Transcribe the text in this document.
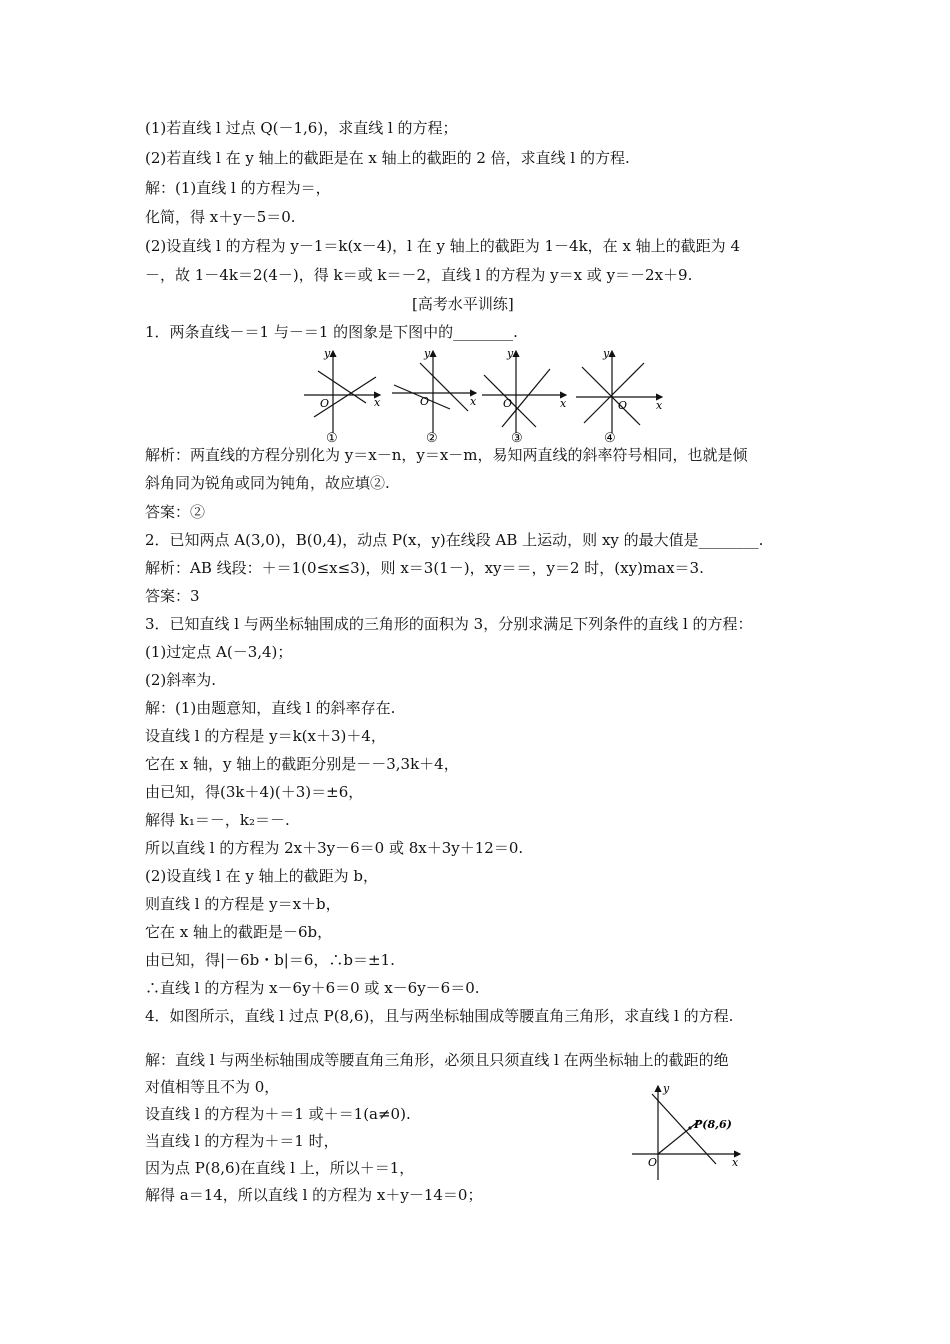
(1)若直线 l 过点 Q(－1,6)，求直线 l 的方程；
(2)若直线 l 在 y 轴上的截距是在 x 轴上的截距的 2 倍，求直线 l 的方程.
解：(1)直线 l 的方程为＝，
化简，得 x＋y－5＝0.
(2)设直线 l 的方程为 y－1＝k(x－4)，l 在 y 轴上的截距为 1－4k，在 x 轴上的截距为 4
－，故 1－4k＝2(4－)，得 k＝或 k＝－2，直线 l 的方程为 y＝x 或 y＝－2x＋9.
[高考水平训练]
1．两条直线－＝1 与－＝1 的图象是下图中的________.
y
x
O
①
y
x
O
②
y
x
O
③
y
x
O
④
解析：两直线的方程分别化为 y＝x－n，y＝x－m，易知两直线的斜率符号相同，也就是倾
斜角同为锐角或同为钝角，故应填②.
答案：②
2．已知两点 A(3,0)，B(0,4)，动点 P(x，y)在线段 AB 上运动，则 xy 的最大值是________.
解析：AB 线段：＋＝1(0≤x≤3)，则 x＝3(1－)，xy＝＝，y＝2 时，(xy)max＝3.
答案：3
3．已知直线 l 与两坐标轴围成的三角形的面积为 3，分别求满足下列条件的直线 l 的方程：
(1)过定点 A(－3,4)；
(2)斜率为.
解：(1)由题意知，直线 l 的斜率存在.
设直线 l 的方程是 y＝k(x＋3)＋4，
它在 x 轴，y 轴上的截距分别是－－3,3k＋4，
由已知，得(3k＋4)(＋3)＝±6，
解得 k₁＝－，k₂＝－.
所以直线 l 的方程为 2x＋3y－6＝0 或 8x＋3y＋12＝0.
(2)设直线 l 在 y 轴上的截距为 b，
则直线 l 的方程是 y＝x＋b，
它在 x 轴上的截距是－6b，
由已知，得|－6b・b|＝6，∴b＝±1.
∴直线 l 的方程为 x－6y＋6＝0 或 x－6y－6＝0.
4．如图所示，直线 l 过点 P(8,6)，且与两坐标轴围成等腰直角三角形，求直线 l 的方程.
解：直线 l 与两坐标轴围成等腰直角三角形，必须且只须直线 l 在两坐标轴上的截距的绝
对值相等且不为 0，
设直线 l 的方程为＋＝1 或＋＝1(a≠0).
当直线 l 的方程为＋＝1 时，
因为点 P(8,6)在直线 l 上，所以＋＝1，
解得 a＝14，所以直线 l 的方程为 x＋y－14＝0；
y
x
O
P(8,6)
